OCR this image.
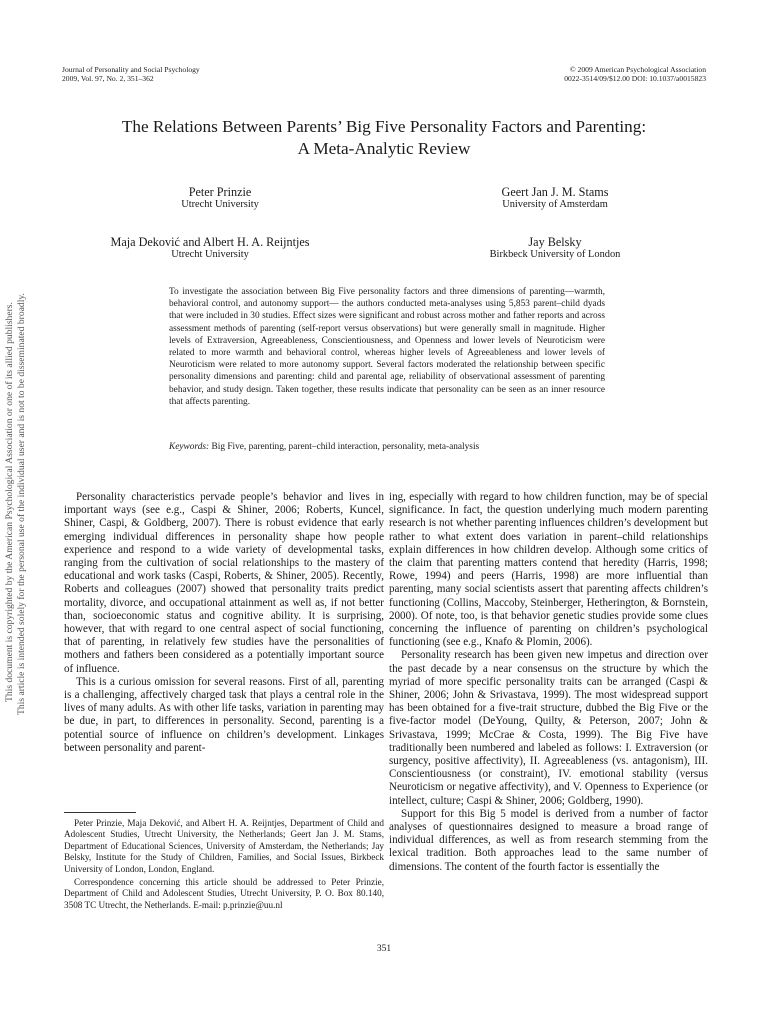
This document is copyrighted by the American Psychological Association or one of its allied publishers. This article is intended solely for the personal use of the individual user and is not to be disseminated broadly.
Journal of Personality and Social Psychology
2009, Vol. 97, No. 2, 351–362
© 2009 American Psychological Association
0022-3514/09/$12.00 DOI: 10.1037/a0015823
The Relations Between Parents’ Big Five Personality Factors and Parenting:
A Meta-Analytic Review
Peter Prinzie
Utrecht University
Geert Jan J. M. Stams
University of Amsterdam
Maja Deković and Albert H. A. Reijntjes
Utrecht University
Jay Belsky
Birkbeck University of London
To investigate the association between Big Five personality factors and three dimensions of parenting—warmth, behavioral control, and autonomy support— the authors conducted meta-analyses using 5,853 parent–child dyads that were included in 30 studies. Effect sizes were significant and robust across mother and father reports and across assessment methods of parenting (self-report versus observations) but were generally small in magnitude. Higher levels of Extraversion, Agreeableness, Conscientiousness, and Openness and lower levels of Neuroticism were related to more warmth and behavioral control, whereas higher levels of Agreeableness and lower levels of Neuroticism were related to more autonomy support. Several factors moderated the relationship between specific personality dimensions and parenting: child and parental age, reliability of observational assessment of parenting behavior, and study design. Taken together, these results indicate that personality can be seen as an inner resource that affects parenting.
Keywords: Big Five, parenting, parent–child interaction, personality, meta-analysis

Personality characteristics pervade people’s behavior and lives in important ways (see e.g., Caspi & Shiner, 2006; Roberts, Kuncel, Shiner, Caspi, & Goldberg, 2007). There is robust evidence that early emerging individual differences in personality shape how people experience and respond to a wide variety of developmental tasks, ranging from the cultivation of social relationships to the mastery of educational and work tasks (Caspi, Roberts, & Shiner, 2005). Recently, Roberts and colleagues (2007) showed that personality traits predict mortality, divorce, and occupational attainment as well as, if not better than, socioeconomic status and cognitive ability. It is surprising, however, that with regard to one central aspect of social functioning, that of parenting, in relatively few studies have the personalities of mothers and fathers been considered as a potentially important source of influence.

This is a curious omission for several reasons. First of all, parenting is a challenging, affectively charged task that plays a central role in the lives of many adults. As with other life tasks, variation in parenting may be due, in part, to differences in personality. Second, parenting is a potential source of influence on children’s development. Linkages between personality and parent-

ing, especially with regard to how children function, may be of special significance. In fact, the question underlying much modern parenting research is not whether parenting influences children’s development but rather to what extent does variation in parent–child relationships explain differences in how children develop. Although some critics of the claim that parenting matters contend that heredity (Harris, 1998; Rowe, 1994) and peers (Harris, 1998) are more influential than parenting, many social scientists assert that parenting affects children’s functioning (Collins, Maccoby, Steinberger, Hetherington, & Bornstein, 2000). Of note, too, is that behavior genetic studies provide some clues concerning the influence of parenting on children’s psychological functioning (see e.g., Knafo & Plomin, 2006).

Personality research has been given new impetus and direction over the past decade by a near consensus on the structure by which the myriad of more specific personality traits can be arranged (Caspi & Shiner, 2006; John & Srivastava, 1999). The most widespread support has been obtained for a five-trait structure, dubbed the Big Five or the five-factor model (DeYoung, Quilty, & Peterson, 2007; John & Srivastava, 1999; McCrae & Costa, 1999). The Big Five have traditionally been numbered and labeled as follows: I. Extraversion (or surgency, positive affectivity), II. Agreeableness (vs. antagonism), III. Conscientiousness (or constraint), IV. emotional stability (versus Neuroticism or negative affectivity), and V. Openness to Experience (or intellect, culture; Caspi & Shiner, 2006; Goldberg, 1990).

Support for this Big 5 model is derived from a number of factor analyses of questionnaires designed to measure a broad range of individual differences, as well as from research stemming from the lexical tradition. Both approaches lead to the same number of dimensions. The content of the fourth factor is essentially the

Peter Prinzie, Maja Deković, and Albert H. A. Reijntjes, Department of Child and Adolescent Studies, Utrecht University, the Netherlands; Geert Jan J. M. Stams, Department of Educational Sciences, University of Amsterdam, the Netherlands; Jay Belsky, Institute for the Study of Children, Families, and Social Issues, Birkbeck University of London, London, England.

Correspondence concerning this article should be addressed to Peter Prinzie, Department of Child and Adolescent Studies, Utrecht University, P. O. Box 80.140, 3508 TC Utrecht, the Netherlands. E-mail: p.prinzie@uu.nl

351
